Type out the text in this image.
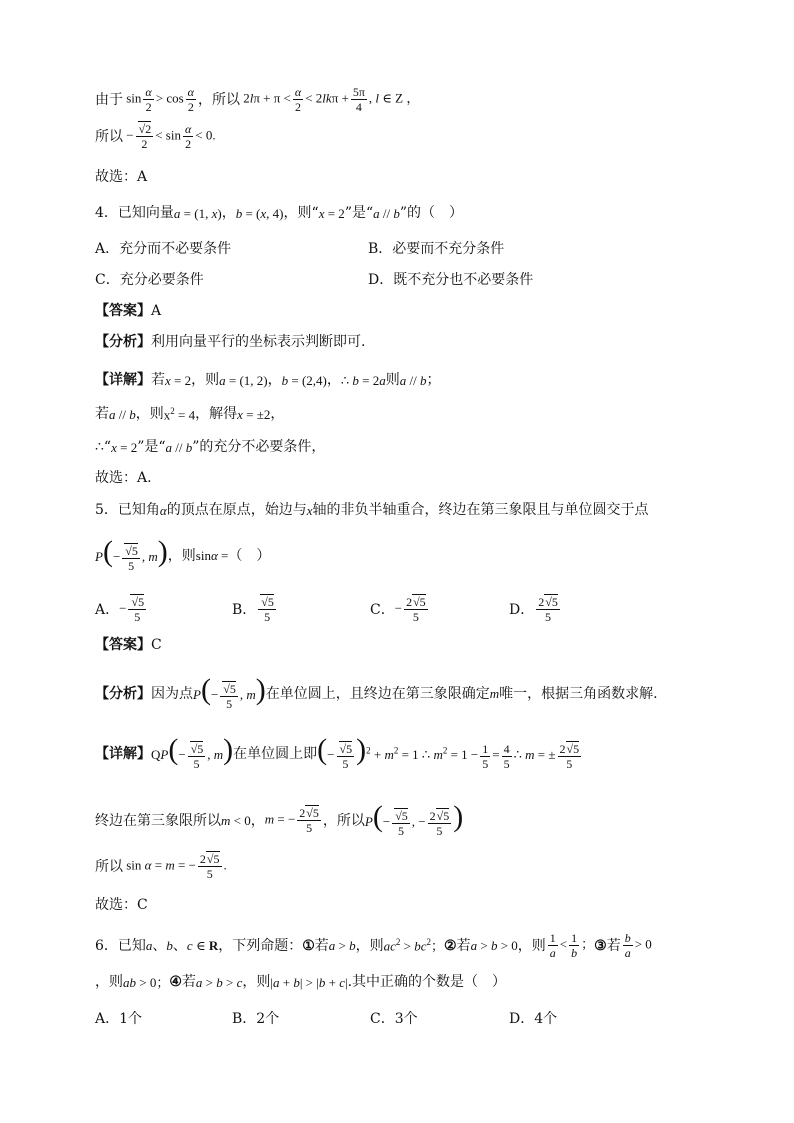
由于 $\sin \frac{\alpha}{2} > \cos \frac{\alpha}{2}$ ，所以 $2l\pi + \pi < \frac{\alpha}{2} < 2lk\pi + \frac{5\pi}{4}$ , l ∈ Z ，
所以 − √ $\frac{2}{2} < \sin \frac{\alpha}{2} < 0$.
故选：A
4．已知向量 a = (1, x) ， b = (x, 4) ，则“ x = 2 ”是“ a // b ”的（　）
A．充分而不必要条件	B．必要而不充分条件
C．充分必要条件	D．既不充分也不必要条件
【答案】 A
【分析】 利用向量平行的坐标表示判断即可.
【详解】 若 x = 2 ，则 a = (1, 2) ， b = (2,4) ， ∴ b = 2a 则 a // b ；
若 a // b ，则 $x^2 = 4$ ，解得 x = ±2 ，
∴“ x = 2 ”是“ a // b ”的充分不必要条件，
故选：A.
5．已知角 α 的顶点在原点，始边与 x 轴的非负半轴重合，终边在第三象限且与单位圆交于点
P(− √ $\frac{5}{5}$ , m) ，则 sinα = （　）
A． − √ $\frac{5}{5}$	B． √ $\frac{5}{5}$	C． − $\frac{2 √ 5}{5}$	D． $\frac{2 √ 5}{5}$
【答案】 C
【分析】 因为点 P(− √ $\frac{5}{5}$ , m) 在单位圆上，且终边在第三象限确定 m 唯一，根据三角函数求解.
【详解】 QP(− √ $\frac{5}{5}$ , m) 在单位圆上即 (− √ $\frac{5}{5} )^2 + m^2 = 1$ ∴ $m^2 = 1 - \frac{1}{5} = \frac{4}{5}$ ∴ m = ± $\frac{2 √ 5}{5}$
终边在第三象限所以 m < 0 ， m = − $\frac{2 √ 5}{5}$ ，所以 P(− √ $\frac{5}{5}$ , − $\frac{2 √ 5}{5}$ )
所以 sin α = m = − $\frac{2 √ 5}{5}$ .
故选：C
6．已知 a 、 b 、 c ∈ R ，下列命题： ① 若 a > b ，则 $ac^2 > bc^2$； ② 若 a > b > 0 ，则 $\frac{1}{a} < \frac{1}{b}$ ； ③ 若 $\frac{b}{a} > 0$
，则 ab > 0； ④ 若 a > b > c ，则 |a + b| > |b + c| .其中正确的个数是（　）
A．1个	B．2个	C．3个	D．4个
